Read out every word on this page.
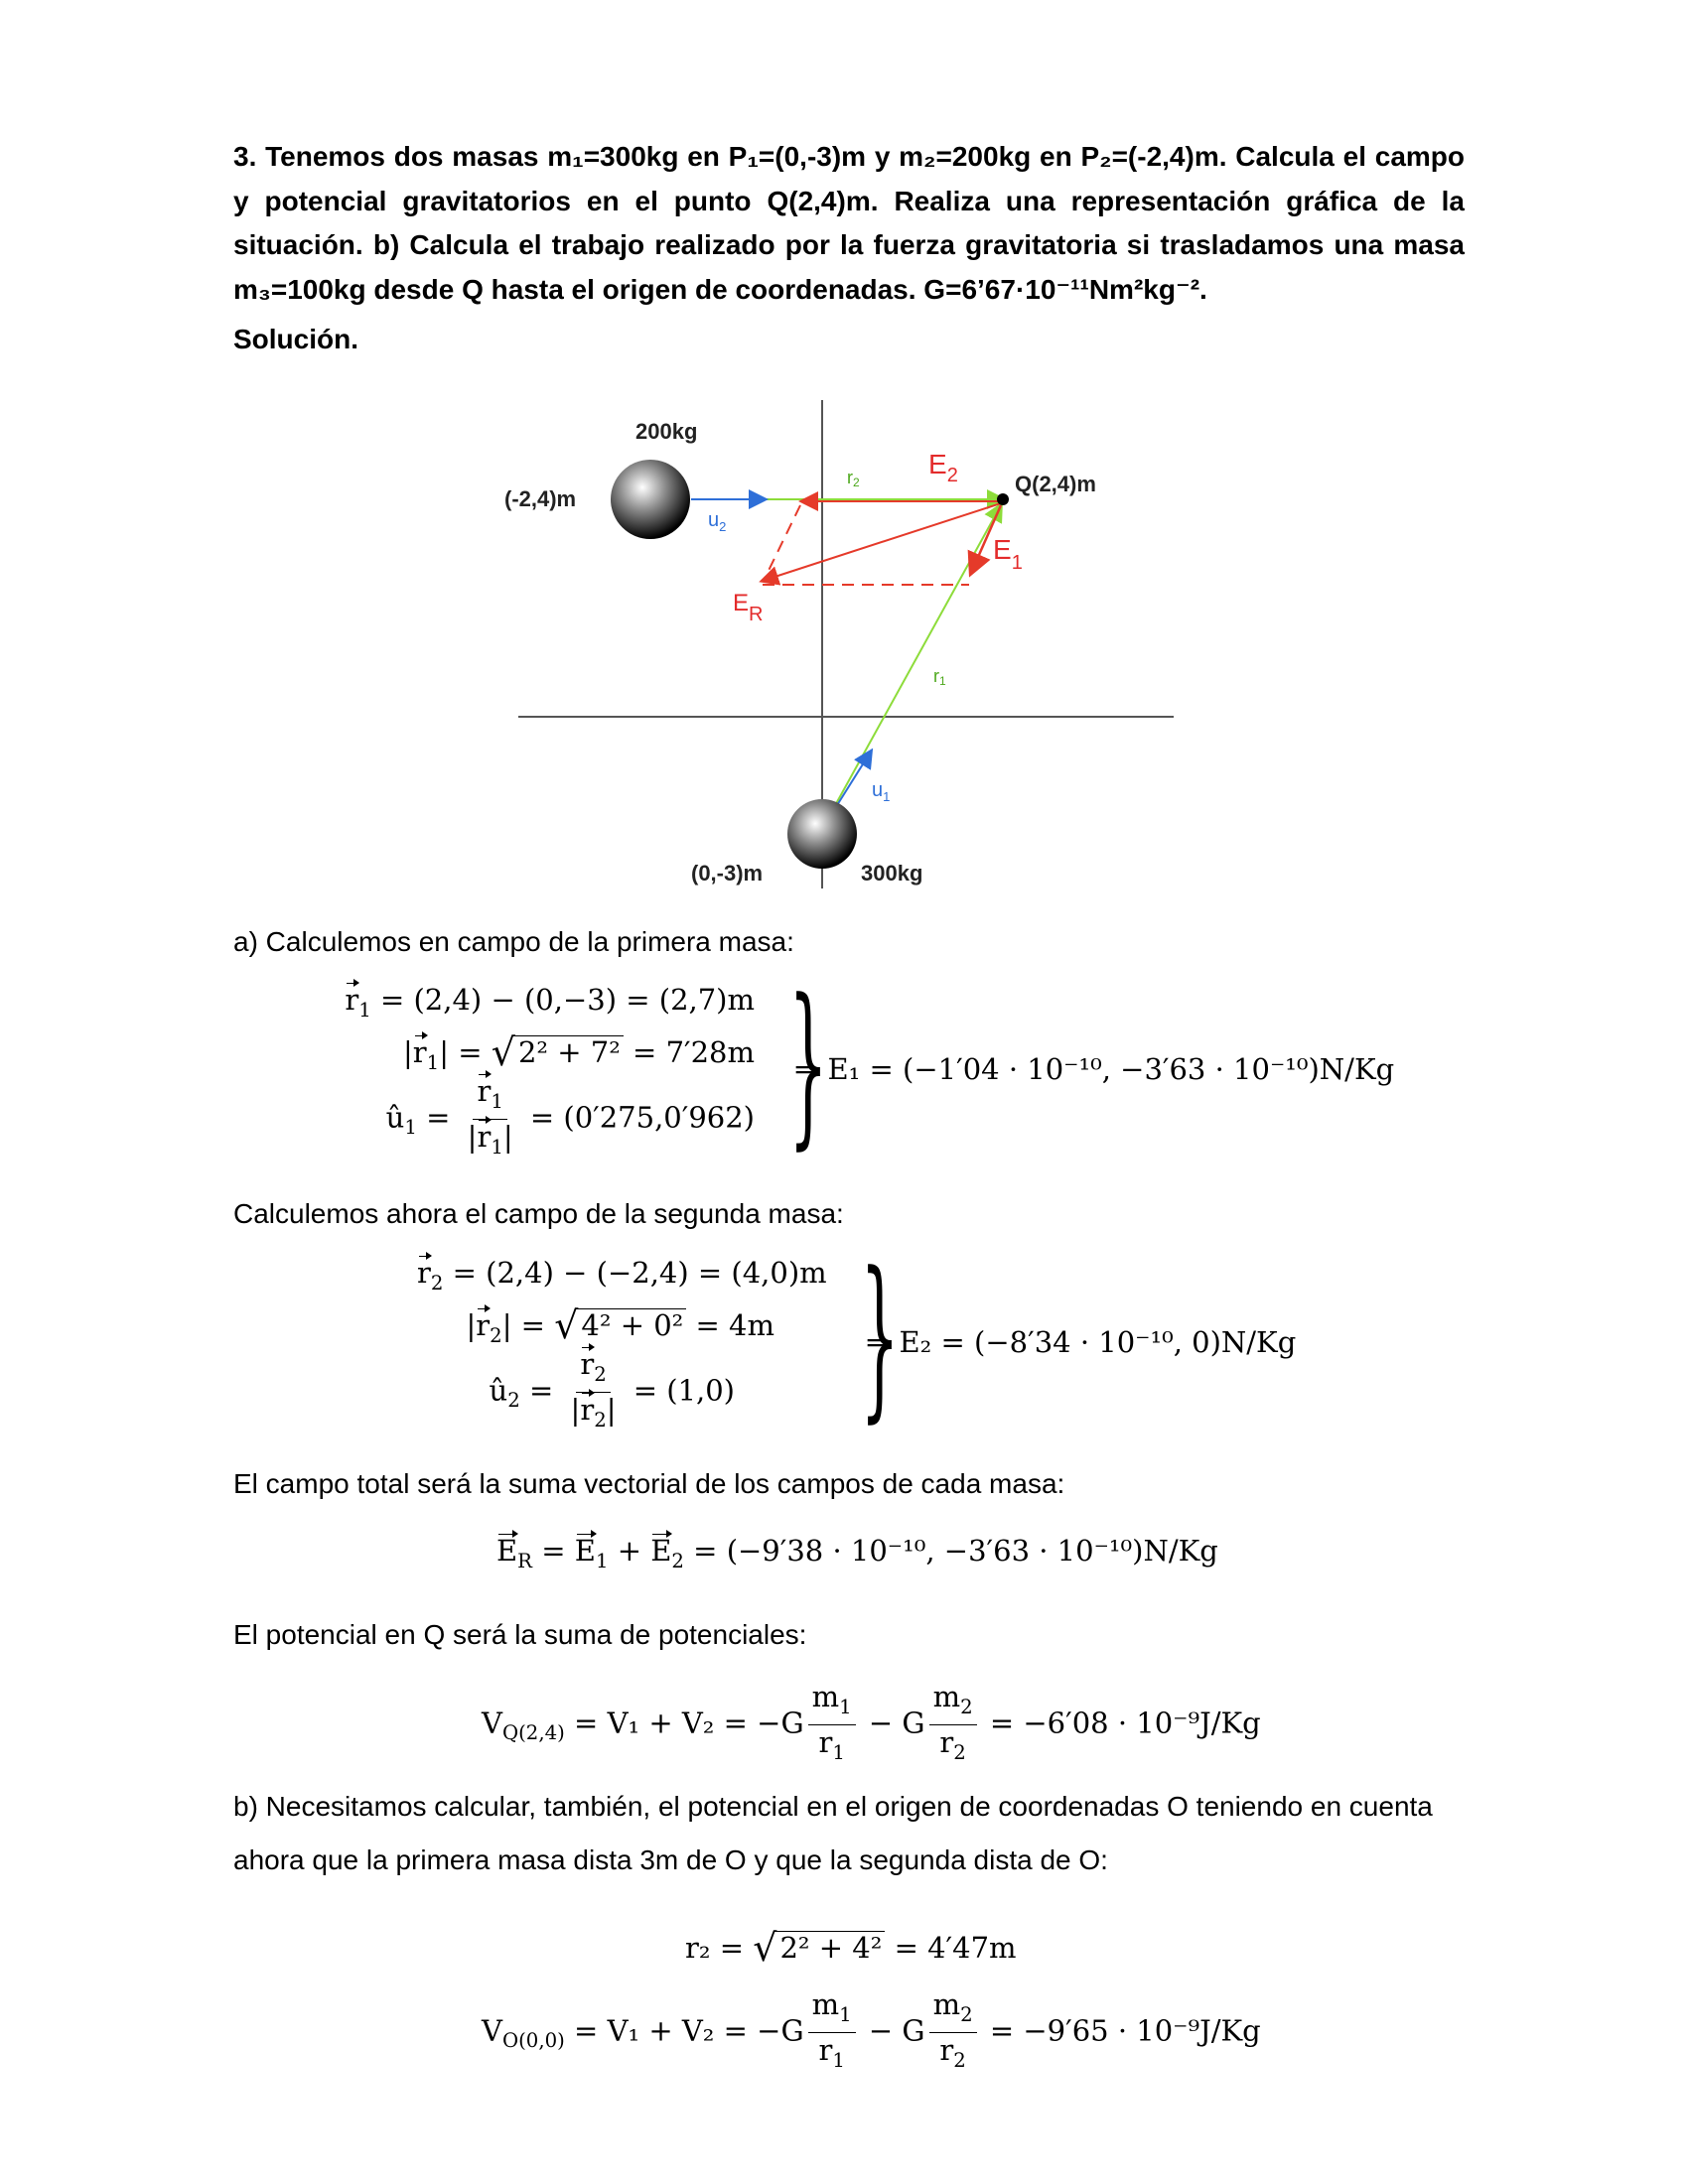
3. Tenemos dos masas m₁=300kg en P₁=(0,-3)m y m₂=200kg en P₂=(-2,4)m. Calcula el campo y potencial gravitatorios en el punto Q(2,4)m. Realiza una representación gráfica de la situación. b) Calcula el trabajo realizado por la fuerza gravitatoria si trasladamos una masa m₃=100kg desde Q hasta el origen de coordenadas. G=6’67·10⁻¹¹Nm²kg⁻².
Solución.
200kg
(-2,4)m
Q(2,4)m
(0,-3)m	300kg
r2
$E_2$
$E_1$
$E_R$
$u_2$
r1
$u_1$
a) Calculemos en campo de la primera masa:
$r_1 = (2,4) - (0,-3) = (2,7)m$
$|r_1|$ = √ 2² + 7² = 7′28m
$û_1 = \frac{r_1}{|r_1|} = (0'275,0'962)$ }
⇒ E₁ = (−1′04 · 10⁻¹⁰, −3′63 · 10⁻¹⁰)N/Kg
Calculemos ahora el campo de la segunda masa:
$r_2 = (2,4) - (-2,4) = (4,0)m$
$|r_2|$ = √ 4² + 0² = 4m
$û_2 = \frac{r_2}{|r_2|} = (1,0)$ }
⇒ E₂ = (−8′34 · 10⁻¹⁰, 0)N/Kg
El campo total será la suma vectorial de los campos de cada masa:
$E_R = E_1 + E_2 = (-9'38 \cdot 10^{-10}$, −3′63 · 10⁻¹⁰)N/Kg
El potencial en Q será la suma de potenciales:
$V_{Q(2,4)} = V_1 + V_2 = -G \frac{m_1}{r_1} - G \frac{m_2}{r_2} = -6'08 \cdot 10^{-9}J/Kg$
b) Necesitamos calcular, también, el potencial en el origen de coordenadas O teniendo en cuenta ahora que la primera masa dista 3m de O y que la segunda dista de O:
r₂ = √ 2² + 4² = 4′47m
$V_{O(0,0)} = V_1 + V_2 = -G \frac{m_1}{r_1} - G \frac{m_2}{r_2} = -9'65 \cdot 10^{-9}J/Kg$
